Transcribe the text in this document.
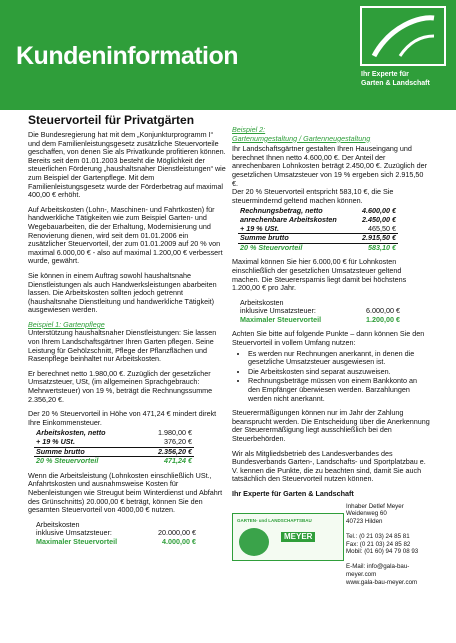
Kundeninformation
Ihr Experte für
Garten & Landschaft
Steuervorteil für Privatgärten

Die Bundesregierung hat mit dem „Konjunkturprogramm I“ und dem Familienleistungsgesetz zusätzliche Steuervorteile geschaffen, von denen Sie als Privatkunde profitieren können. Bereits seit dem 01.01.2003 besteht die Möglichkeit der steuerlichen Förderung „haushaltsnaher Dienstleistungen“ wie zum Beispiel der Gartenpflege. Mit dem Familienleistungsgesetz wurde der Förderbetrag auf maximal 400,00 € erhöht.

Auf Arbeitskosten (Lohn-, Maschinen- und Fahrtkosten) für handwerkliche Tätigkeiten wie zum Beispiel Garten- und Wegebauarbeiten, die der Erhaltung, Modernisierung und Renovierung dienen, wird seit dem 01.01.2006 ein zusätzlicher Steuervorteil, der zum 01.01.2009 auf 20 % von maximal 6.000,00 € - also auf maximal 1.200,00 € verbessert wurde, gewährt.

Sie können in einem Auftrag sowohl haushaltsnahe Dienstleistungen als auch Handwerksleistungen abarbeiten lassen. Die Arbeitskosten sollten jedoch getrennt (haushaltsnahe Dienstleitung und handwerkliche Tätigkeit) ausgewiesen werden.

Beispiel 1: Gartenpflege

Unterstützung haushaltsnaher Dienstleistungen: Sie lassen von Ihrem Landschaftsgärtner Ihren Garten pflegen. Seine Leistung für Gehölzschnitt, Pflege der Pflanzflächen und Rasenpflege beinhaltet nur Arbeitskosten.

Er berechnet netto 1.980,00 €. Zuzüglich der gesetzlicher Umsatzsteuer, USt, (im allgemeinen Sprachgebrauch: Mehrwertsteuer) von 19 %, beträgt die Rechnungssumme 2.356,20 €.

Der 20 % Steuervorteil in Höhe von 471,24 € mindert direkt Ihre Einkommensteuer.

Arbeitskosten, netto	1.980,00 €
+ 19 % USt.	376,20 €
Summe brutto	2.356,20 €
20 % Steuervorteil	471,24 €

Wenn die Arbeitsleistung (Lohnkosten einschließlich USt., Anfahrtskosten und ausnahmsweise Kosten für Nebenleistungen wie Streugut beim Winterdienst und Abfahrt des Grünschnitts) 20.000,00 € beträgt, können Sie den gesamten Steuervorteil von 4000,00 € nutzen.

Arbeitskosten
inklusive Umsatzsteuer:	20.000,00 €
Maximaler Steuervorteil	4.000,00 €

Beispiel 2:

Gartenumgestaltung / Gartenneugestaltung

Ihr Landschaftsgärtner gestalten Ihren Hauseingang und berechnet Ihnen netto 4.600,00 €. Der Anteil der anrechenbaren Lohnkosten beträgt 2.450,00 €. Zuzüglich der gesetzlichen Umsatzsteuer von 19 % ergeben sich 2.915,50 €.

Der 20 % Steuervorteil entspricht 583,10 €, die Sie steuermindernd geltend machen können.

Rechnungsbetrag, netto	4.600,00 €
anrechenbare Arbeitskosten	2.450,00 €
+ 19 % USt.	465,50 €
Summe brutto	2.915,50 €
20 % Steuervorteil	583,10 €

Maximal können Sie hier 6.000,00 € für Lohnkosten einschließlich der gesetzlichen Umsatzsteuer geltend machen. Die Steuerersparnis liegt damit bei höchstens 1.200,00 € pro Jahr.

Arbeitskosten
inklusive Umsatzsteuer:	6.000,00 €
Maximaler Steuervorteil	1.200,00 €

Achten Sie bitte auf folgende Punkte – dann können Sie den Steuervorteil in vollem Umfang nutzen:

• Es werden nur Rechnungen anerkannt, in denen die gesetzliche Umsatzsteuer ausgewiesen ist.
• Die Arbeitskosten sind separat auszuweisen.
• Rechnungsbeträge müssen von einem Bankkonto an den Empfänger überwiesen werden. Barzahlungen werden nicht anerkannt.

Steuerermäßigungen können nur im Jahr der Zahlung beansprucht werden. Die Entscheidung über die Anerkennung der Steuerermäßigung liegt ausschließlich bei den Steuerbehörden.

Wir als Mitgliedsbetrieb des Landesverbandes des Bundesverbands Garten-, Landschafts- und Sportplatzbau e. V. kennen die Punkte, die zu beachten sind, damit Sie auch tatsächlich den Steuervorteil nutzen können.

Ihr Experte für Garten & Landschaft
GARTEN- und LANDSCHAFTSBAU
MEYER
Inhaber Detlef Meyer
Weidenweg 60
40723 Hilden

Tel.: (0 21 03) 24 85 81
Fax: (0 21 03) 24 85 82
Mobil: (01 60) 94 79 08 93

E-Mail: info@gala-bau-meyer.com
www.gala-bau-meyer.com
